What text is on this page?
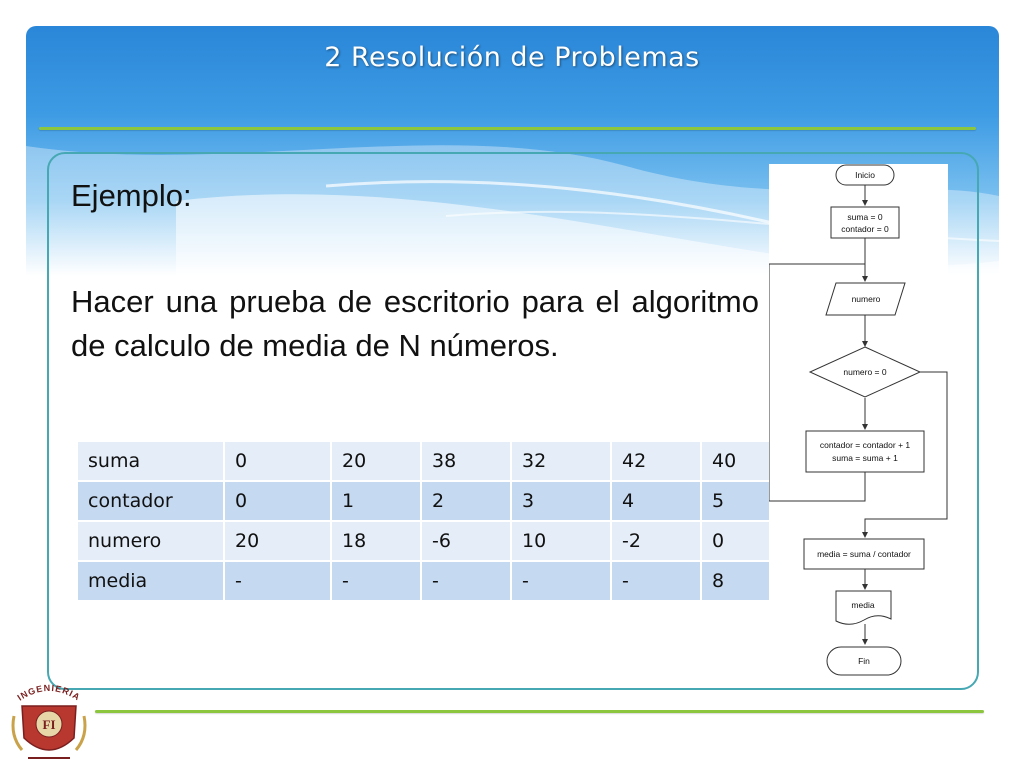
2 Resolución de Problemas
Ejemplo:
Hacer una prueba de escritorio para el algoritmo de calculo de media de N números.
suma	0	20	38	32	42	40
contador	0	1	2	3	4	5
numero	20	18	-6	10	-2	0
media	-	-	-	-	-	8
Inicio
suma = 0
contador = 0
numero
numero = 0
contador = contador + 1
suma = suma + 1
media = suma / contador
media
Fin
INGENIERIA
FI
